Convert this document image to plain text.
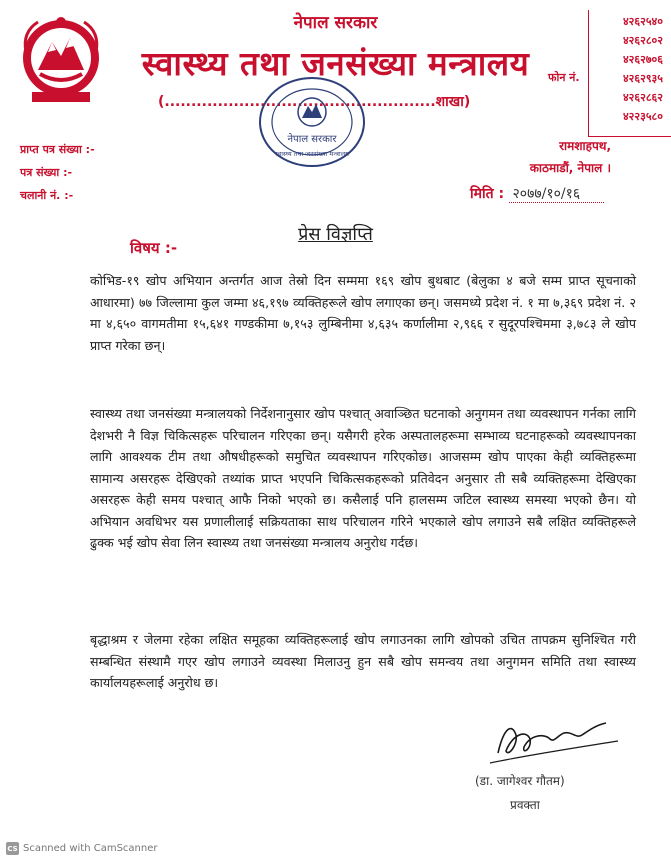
नेपाल सरकार
स्वास्थ्य तथा जनसंख्या मन्त्रालय
(...................................................शाखा)
४२६२५४०
४२६२८०२
४२६२७०६
४२६२९३५
४२६२८६२
४२२३५८०
फोन नं.
प्राप्त पत्र संख्या :-
पत्र संख्या :-
चलानी नं. :-
रामशाहपथ,
काठमाडौं, नेपाल ।
नेपाल सरकार
स्वास्थ्य तथा जनसंख्या मन्त्रालय
मिति : २०७७/१०/१६
प्रेस विज्ञप्ति
विषय :-
कोभिड-१९ खोप अभियान अन्तर्गत आज तेस्रो दिन सम्ममा १६९ खोप बुथबाट (बेलुका ४ बजे सम्म प्राप्त सूचनाको आधारमा) ७७ जिल्लामा कुल जम्मा ४६,१९७ व्यक्तिहरूले खोप लगाएका छन्। जसमध्ये प्रदेश नं. १ मा ७,३६९ प्रदेश नं. २ मा ४,६५० वागमतीमा १५,६४१ गण्डकीमा ७,१५३ लुम्बिनीमा ४,६३५ कर्णालीमा २,९६६ र सुदूरपश्चिममा ३,७८३ ले खोप प्राप्त गरेका छन्।
स्वास्थ्य तथा जनसंख्या मन्त्रालयको निर्देशनानुसार खोप पश्चात् अवाञ्छित घटनाको अनुगमन तथा व्यवस्थापन गर्नका लागि देशभरी नै विज्ञ चिकित्सहरू परिचालन गरिएका छन्। यसैगरी हरेक अस्पतालहरूमा सम्भाव्य घटनाहरूको व्यवस्थापनका लागि आवश्यक टीम तथा औषधीहरूको समुचित व्यवस्थापन गरिएकोछ। आजसम्म खोप पाएका केही व्यक्तिहरूमा सामान्य असरहरू देखिएको तथ्यांक प्राप्त भएपनि चिकित्सकहरूको प्रतिवेदन अनुसार ती सबै व्यक्तिहरूमा देखिएका असरहरू केही समय पश्चात् आफै निको भएको छ। कसैलाई पनि हालसम्म जटिल स्वास्थ्य समस्या भएको छैन। यो अभियान अवधिभर यस प्रणालीलाई सक्रियताका साथ परिचालन गरिने भएकाले खोप लगाउने सबै लक्षित व्यक्तिहरूले ढुक्क भई खोप सेवा लिन स्वास्थ्य तथा जनसंख्या मन्त्रालय अनुरोध गर्दछ।
बृद्धाश्रम र जेलमा रहेका लक्षित समूहका व्यक्तिहरूलाई खोप लगाउनका लागि खोपको उचित तापक्रम सुनिश्चित गरी सम्बन्धित संस्थामै गएर खोप लगाउने व्यवस्था मिलाउनु हुन सबै खोप समन्वय तथा अनुगमन समिति तथा स्वास्थ्य कार्यालयहरूलाई अनुरोध छ।
(डा. जागेश्वर गौतम)
प्रवक्ता
CS Scanned with CamScanner
